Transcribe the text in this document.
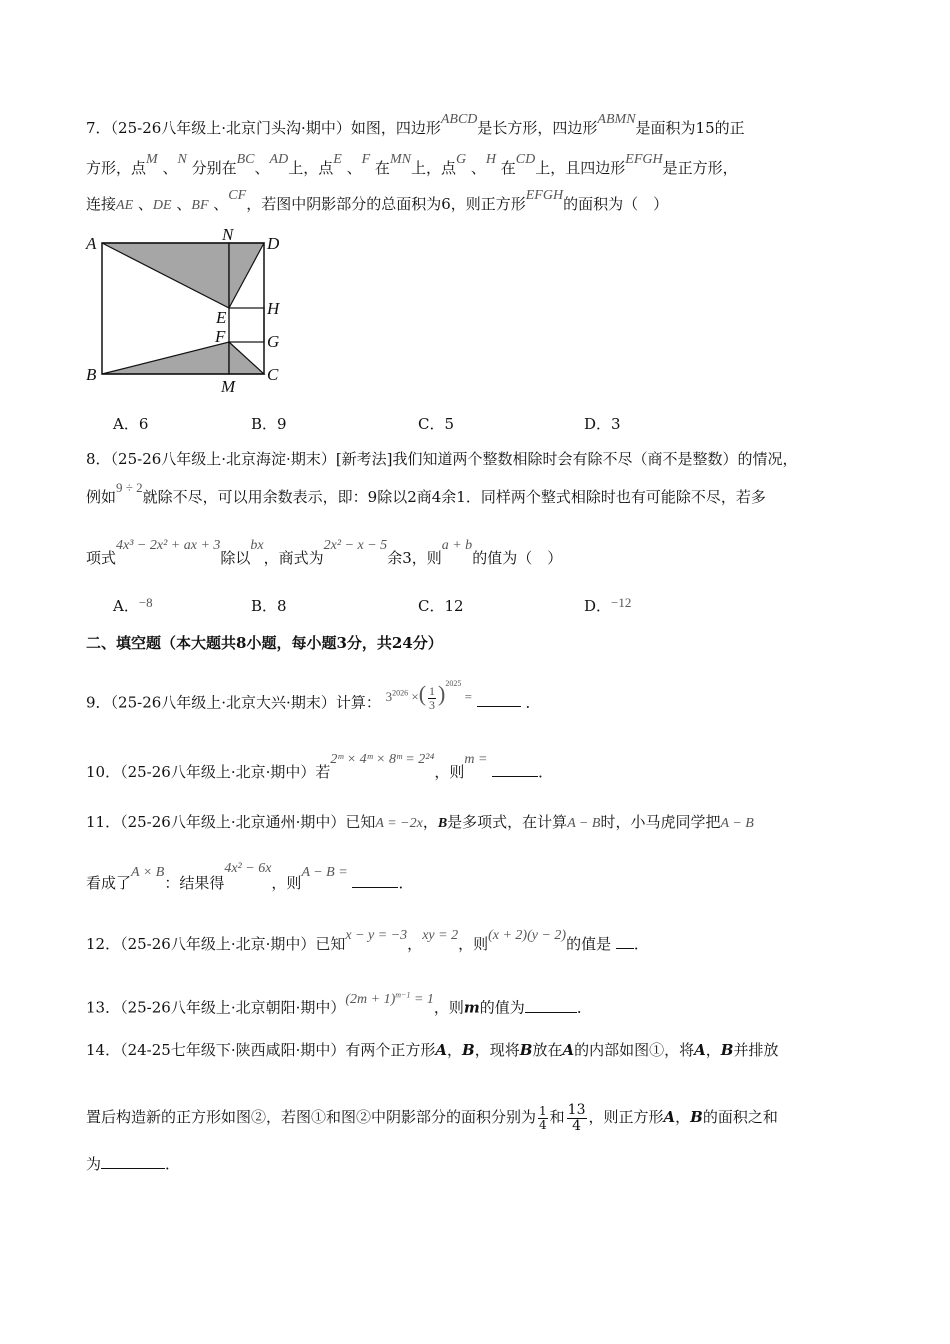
7．（25-26八年级上·北京门头沟·期中）如图，四边形ABCD是长方形，四边形ABMN是面积为15的正
方形，点M 、N 分别在BC、AD上，点E 、F 在MN上，点G 、H 在CD上，且四边形EFGH是正方形，
连接AE 、DE 、BF 、CF，若图中阴影部分的总面积为6，则正方形EFGH的面积为（　）
A	N D
E H
F G
B
M
C
A．6	B．9	C．5	D．3
8．（25-26八年级上·北京海淀·期末）[新考法]我们知道两个整数相除时会有除不尽（商不是整数）的情况，
例如9 ÷ 2就除不尽，可以用余数表示，即：9除以2商4余1．同样两个整式相除时也有可能除不尽，若多
项式4x³ − 2x² + ax + 3除以bx，商式为2x² − x − 5余3，则a + b的值为（　）
A．−8	B．8	C．12	D．−12
二、填空题（本大题共8小题，每小题3分，共24分）
9．（25-26八年级上·北京大兴·期末）计算： $3^{2026}$ ×( $\frac{1}{3} )^{2025}$ =	．
10．（25-26八年级上·北京·期中）若2ᵐ × 4ᵐ × 8ᵐ = 2²⁴，则m = ．
11．（25-26八年级上·北京通州·期中）已知A = −2x，B是多项式，在计算A − B时，小马虎同学把A − B
看成了A × B：结果得4x² − 6x，则A − B = ．
12．（25-26八年级上·北京·期中）已知x − y = −3，xy = 2，则(x + 2)(y − 2)的值是 ．
13．（25-26八年级上·北京朝阳·期中）$(2m + 1)^{m-1} = 1$，则m的值为	．
14．（24-25七年级下·陕西咸阳·期中）有两个正方形A，B，现将B放在A的内部如图①，将A，B并排放
置后构造新的正方形如图②，若图①和图②中阴影部分的面积分别为 $\frac{1}{4}$ 和 $\frac{13}{4}$ ，则正方形A，B的面积之和
为	．
